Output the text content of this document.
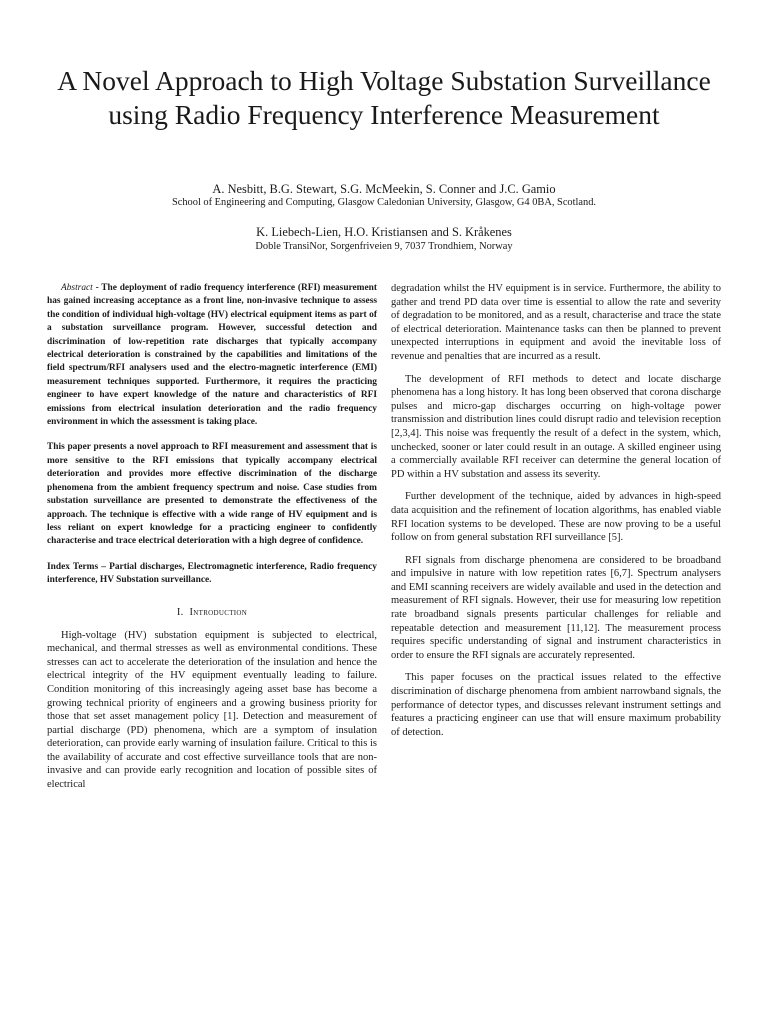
A Novel Approach to High Voltage Substation Surveillance using Radio Frequency Interference Measurement
A. Nesbitt, B.G. Stewart, S.G. McMeekin, S. Conner and J.C. Gamio
School of Engineering and Computing, Glasgow Caledonian University, Glasgow, G4 0BA, Scotland.
K. Liebech-Lien, H.O. Kristiansen and S. Kråkenes
Doble TransiNor, Sorgenfriveien 9, 7037 Trondhiem, Norway

Abstract - The deployment of radio frequency interference (RFI) measurement has gained increasing acceptance as a front line, non-invasive technique to assess the condition of individual high-voltage (HV) electrical equipment items as part of a substation surveillance program. However, successful detection and discrimination of low-repetition rate discharges that typically accompany electrical deterioration is constrained by the capabilities and limitations of the field spectrum/RFI analysers used and the electro-magnetic interference (EMI) measurement techniques supported. Furthermore, it requires the practicing engineer to have expert knowledge of the nature and characteristics of RFI emissions from electrical insulation deterioration and the radio frequency environment in which the assessment is taking place.

This paper presents a novel approach to RFI measurement and assessment that is more sensitive to the RFI emissions that typically accompany electrical deterioration and provides more effective discrimination of the discharge phenomena from the ambient frequency spectrum and noise. Case studies from substation surveillance are presented to demonstrate the effectiveness of the approach. The technique is effective with a wide range of HV equipment and is less reliant on expert knowledge for a practicing engineer to confidently characterise and trace electrical deterioration with a high degree of confidence.

Index Terms – Partial discharges, Electromagnetic interference, Radio frequency interference, HV Substation surveillance.

I. Introduction

High-voltage (HV) substation equipment is subjected to electrical, mechanical, and thermal stresses as well as environmental conditions. These stresses can act to accelerate the deterioration of the insulation and hence the electrical integrity of the HV equipment eventually leading to failure. Condition monitoring of this increasingly ageing asset base has become a growing technical priority of engineers and a growing business priority for those that set asset management policy [1]. Detection and measurement of partial discharge (PD) phenomena, which are a symptom of insulation deterioration, can provide early warning of insulation failure. Critical to this is the availability of accurate and cost effective surveillance tools that are non-invasive and can provide early recognition and location of possible sites of electrical

degradation whilst the HV equipment is in service. Furthermore, the ability to gather and trend PD data over time is essential to allow the rate and severity of degradation to be monitored, and as a result, characterise and trace the state of electrical deterioration. Maintenance tasks can then be planned to prevent unexpected interruptions in equipment and avoid the inevitable loss of revenue and penalties that are incurred as a result.

The development of RFI methods to detect and locate discharge phenomena has a long history. It has long been observed that corona discharge pulses and micro-gap discharges occurring on high-voltage power transmission and distribution lines could disrupt radio and television reception [2,3,4]. This noise was frequently the result of a defect in the system, which, unchecked, sooner or later could result in an outage. A skilled engineer using a commercially available RFI receiver can determine the general location of PD within a HV substation and assess its severity.

Further development of the technique, aided by advances in high-speed data acquisition and the refinement of location algorithms, has enabled viable RFI location systems to be developed. These are now proving to be a useful follow on from general substation RFI surveillance [5].

RFI signals from discharge phenomena are considered to be broadband and impulsive in nature with low repetition rates [6,7]. Spectrum analysers and EMI scanning receivers are widely available and used in the detection and measurement of RFI signals. However, their use for measuring low repetition rate broadband signals presents particular challenges for reliable and repeatable detection and measurement [11,12]. The measurement process requires specific understanding of signal and instrument characteristics in order to ensure the RFI signals are accurately represented.

This paper focuses on the practical issues related to the effective discrimination of discharge phenomena from ambient narrowband signals, the performance of detector types, and discusses relevant instrument settings and features a practicing engineer can use that will ensure maximum probability of detection.
